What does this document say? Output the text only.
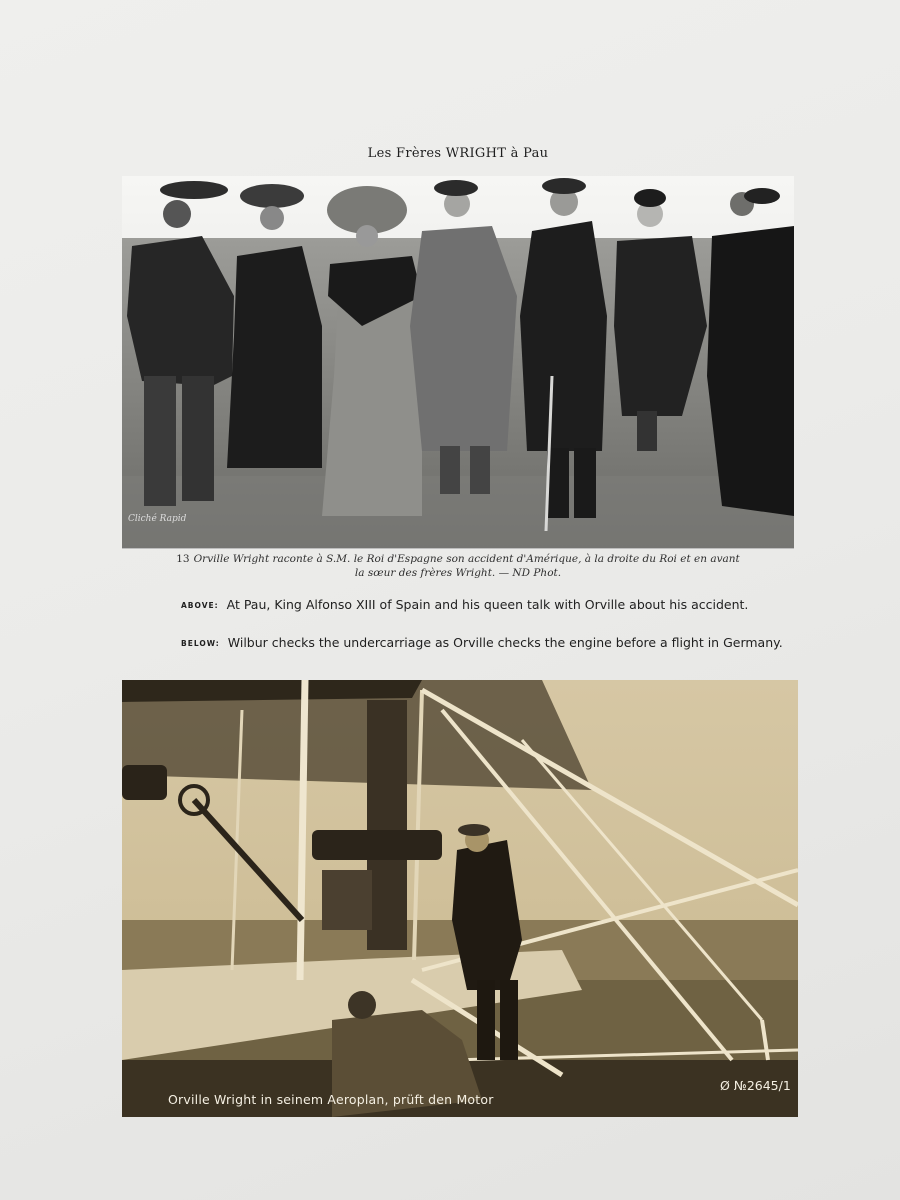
Les Frères WRIGHT à Pau
13 Orville Wright raconte à S.M. le Roi d'Espagne son accident d'Amérique, à la droite du Roi et en avant
la sœur des frères Wright. — ND Phot.
Cliché Rapid
ABOVE: At Pau, King Alfonso XIII of Spain and his queen talk with Orville about his accident.
BELOW: Wilbur checks the undercarriage as Orville checks the engine before a flight in Germany.
Orville Wright in seinem Aeroplan, prüft den Motor
Ø №2645/1
